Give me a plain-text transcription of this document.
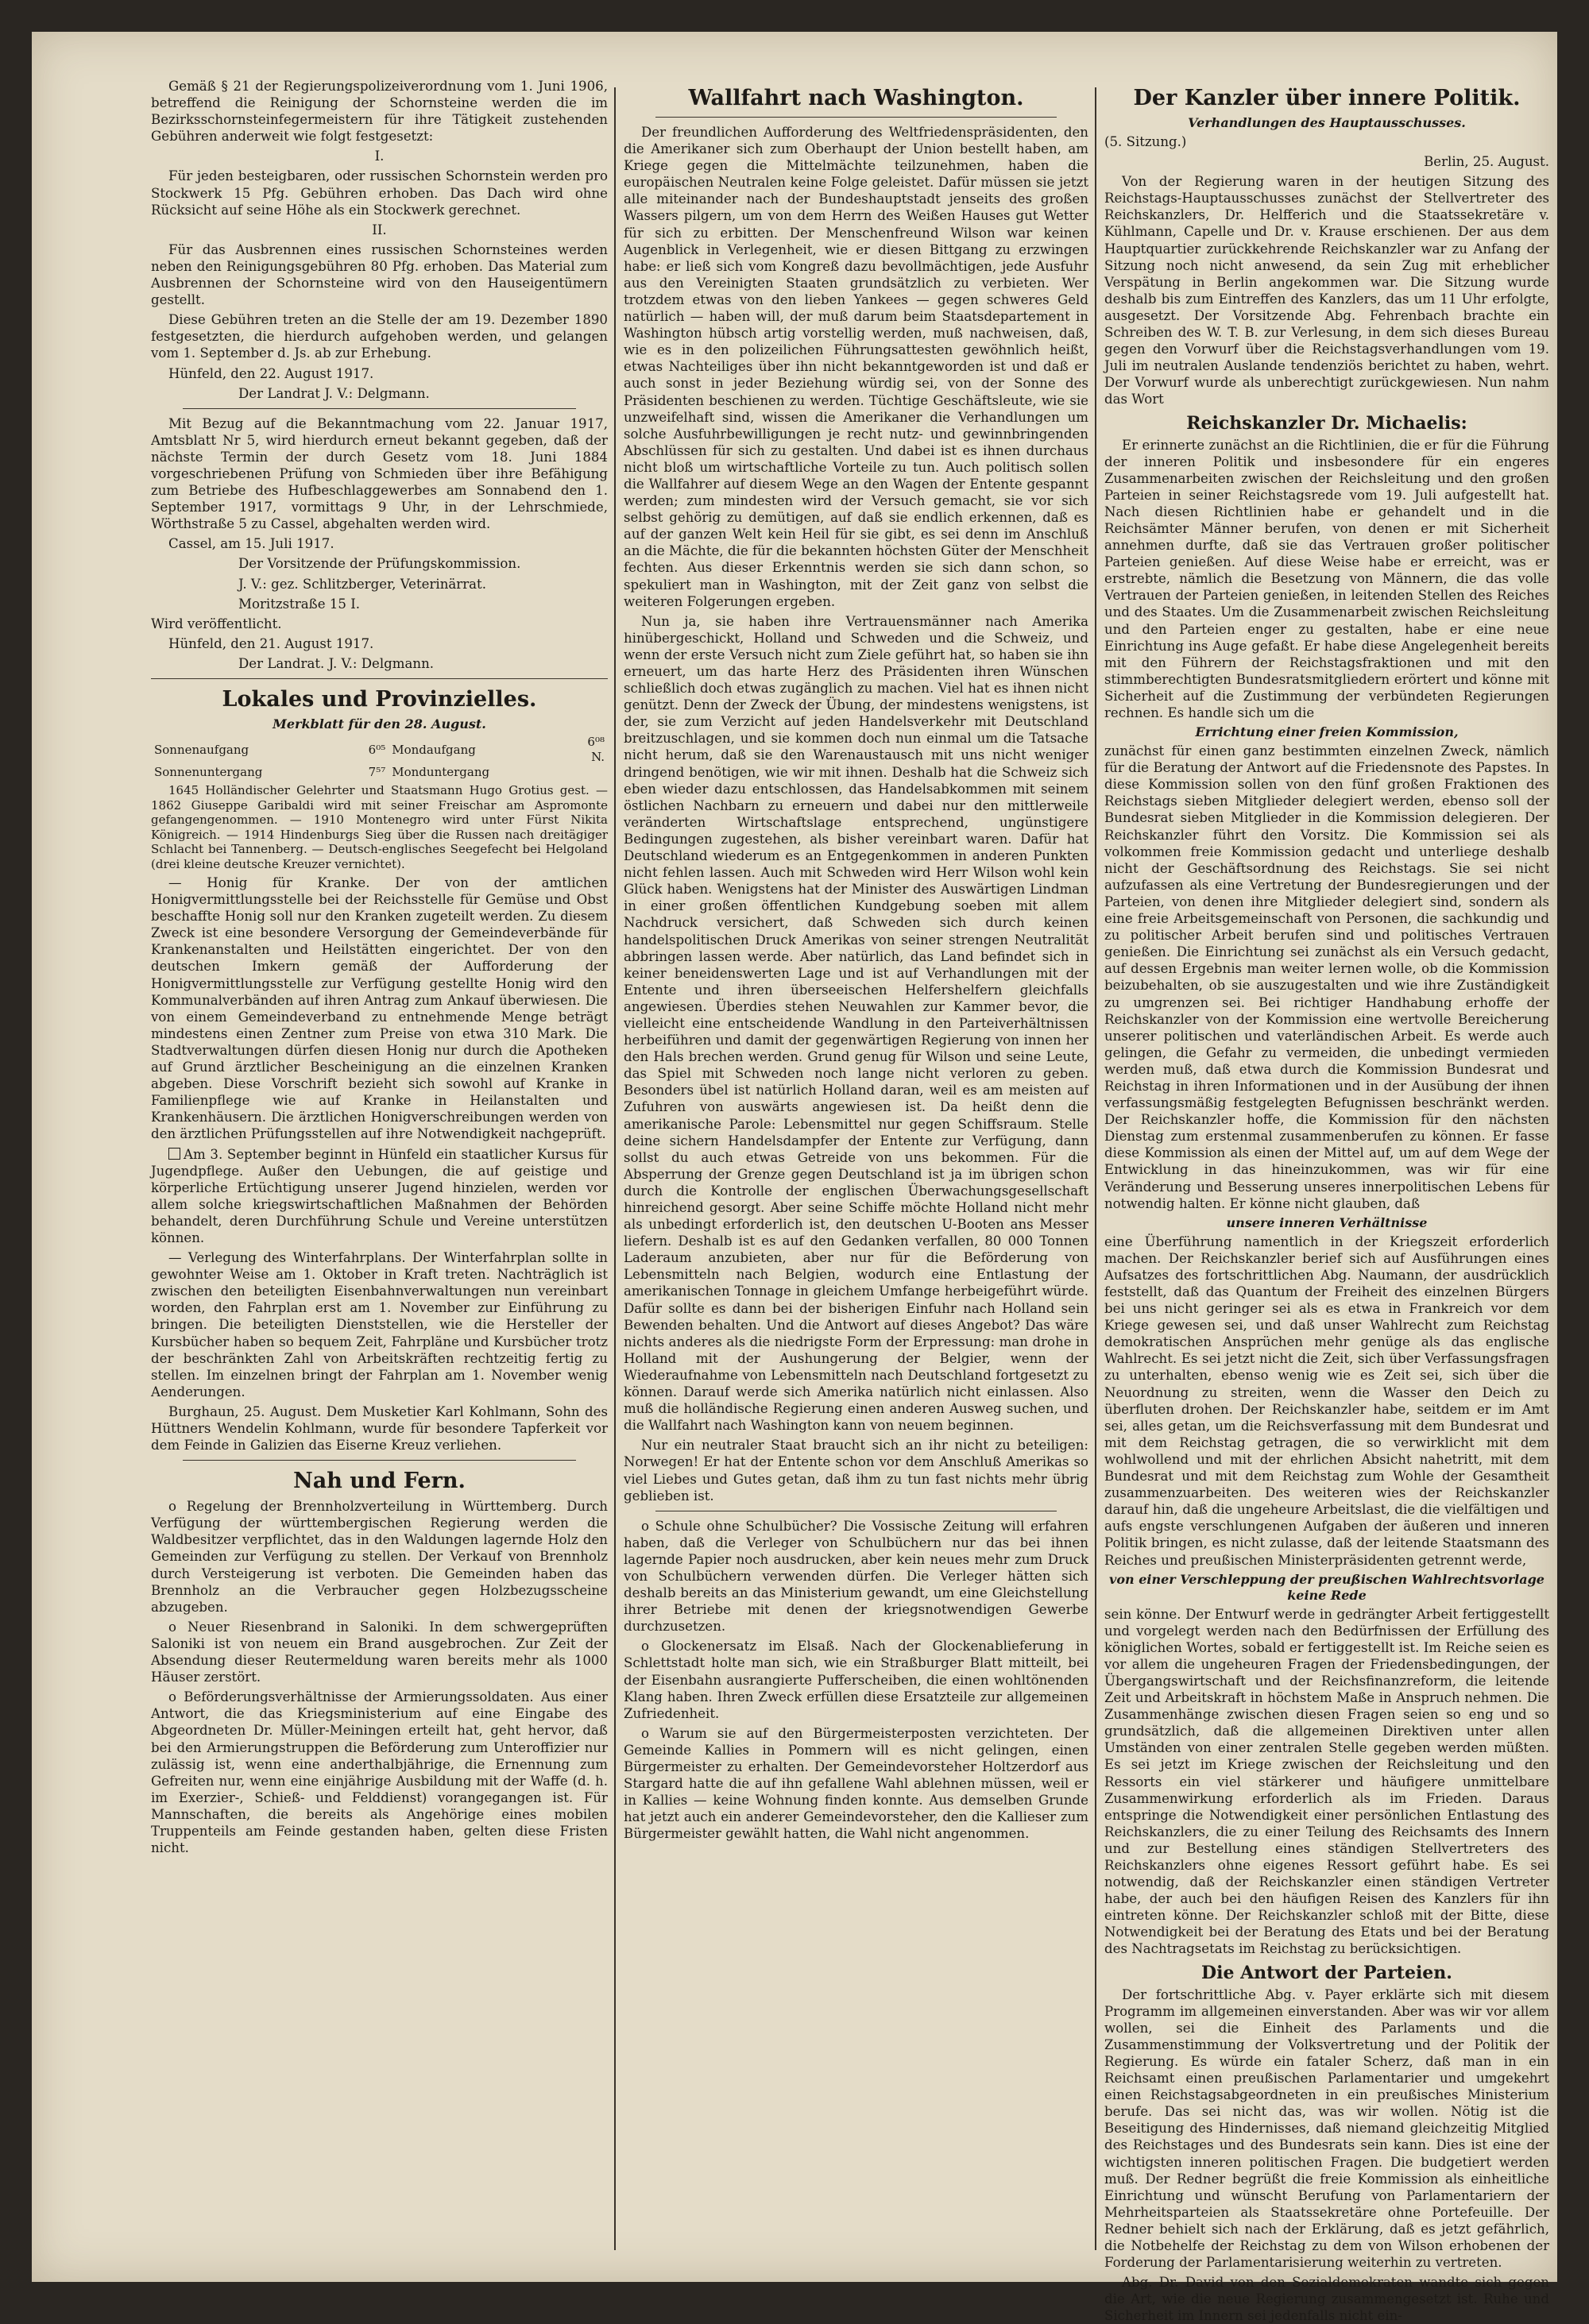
Gemäß § 21 der Regierungspolizeiverordnung vom 1. Juni 1906, betreffend die Reinigung der Schornsteine werden die im Bezirksschornsteinfegermeistern für ihre Tätigkeit zustehenden Gebühren anderweit wie folgt festgesetzt:

I.

Für jeden besteigbaren, oder russischen Schornstein werden pro Stockwerk 15 Pfg. Gebühren erhoben. Das Dach wird ohne Rücksicht auf seine Höhe als ein Stockwerk gerechnet.

II.

Für das Ausbrennen eines russischen Schornsteines werden neben den Reinigungsgebühren 80 Pfg. erhoben. Das Material zum Ausbrennen der Schornsteine wird von den Hauseigentümern gestellt.

Diese Gebühren treten an die Stelle der am 19. Dezember 1890 festgesetzten, die hierdurch aufgehoben werden, und gelangen vom 1. September d. Js. ab zur Erhebung.

Hünfeld, den 22. August 1917.

Der Landrat J. V.: Delgmann.

Mit Bezug auf die Bekanntmachung vom 22. Januar 1917, Amtsblatt Nr 5, wird hierdurch erneut bekannt gegeben, daß der nächste Termin der durch Gesetz vom 18. Juni 1884 vorgeschriebenen Prüfung von Schmieden über ihre Befähigung zum Betriebe des Hufbeschlaggewerbes am Sonnabend den 1. September 1917, vormittags 9 Uhr, in der Lehrschmiede, Wörthstraße 5 zu Cassel, abgehalten werden wird.

Cassel, am 15. Juli 1917.

Der Vorsitzende der Prüfungskommission.

J. V.: gez. Schlitzberger, Veterinärrat.

Moritzstraße 15 I.

Wird veröffentlicht.

Hünfeld, den 21. August 1917.

Der Landrat. J. V.: Delgmann.

Lokales und Provinzielles.
Merkblatt für den 28. August.
Sonnenaufgang	6⁰⁵	Mondaufgang	6⁰⁸ N.
Sonnenuntergang	7⁵⁷	Monduntergang	

1645 Holländischer Gelehrter und Staatsmann Hugo Grotius gest. — 1862 Giuseppe Garibaldi wird mit seiner Freischar am Aspromonte gefangengenommen. — 1910 Montenegro wird unter Fürst Nikita Königreich. — 1914 Hindenburgs Sieg über die Russen nach dreitägiger Schlacht bei Tannenberg. — Deutsch-englisches Seegefecht bei Helgoland (drei kleine deutsche Kreuzer vernichtet).

— Honig für Kranke. Der von der amtlichen Honigvermittlungsstelle bei der Reichsstelle für Gemüse und Obst beschaffte Honig soll nur den Kranken zugeteilt werden. Zu diesem Zweck ist eine besondere Versorgung der Gemeindeverbände für Krankenanstalten und Heilstätten eingerichtet. Der von den deutschen Imkern gemäß der Aufforderung der Honigvermittlungsstelle zur Verfügung gestellte Honig wird den Kommunalverbänden auf ihren Antrag zum Ankauf überwiesen. Die von einem Gemeindeverband zu entnehmende Menge beträgt mindestens einen Zentner zum Preise von etwa 310 Mark. Die Stadtverwaltungen dürfen diesen Honig nur durch die Apotheken auf Grund ärztlicher Bescheinigung an die einzelnen Kranken abgeben. Diese Vorschrift bezieht sich sowohl auf Kranke in Familienpflege wie auf Kranke in Heilanstalten und Krankenhäusern. Die ärztlichen Honigverschreibungen werden von den ärztlichen Prüfungsstellen auf ihre Notwendigkeit nachgeprüft.

Am 3. September beginnt in Hünfeld ein staatlicher Kursus für Jugendpflege. Außer den Uebungen, die auf geistige und körperliche Ertüchtigung unserer Jugend hinzielen, werden vor allem solche kriegswirtschaftlichen Maßnahmen der Behörden behandelt, deren Durchführung Schule und Vereine unterstützen können.

— Verlegung des Winterfahrplans. Der Winterfahrplan sollte in gewohnter Weise am 1. Oktober in Kraft treten. Nachträglich ist zwischen den beteiligten Eisenbahnverwaltungen nun vereinbart worden, den Fahrplan erst am 1. November zur Einführung zu bringen. Die beteiligten Dienststellen, wie die Hersteller der Kursbücher haben so bequem Zeit, Fahrpläne und Kursbücher trotz der beschränkten Zahl von Arbeitskräften rechtzeitig fertig zu stellen. Im einzelnen bringt der Fahrplan am 1. November wenig Aenderungen.

Burghaun, 25. August. Dem Musketier Karl Kohlmann, Sohn des Hüttners Wendelin Kohlmann, wurde für besondere Tapferkeit vor dem Feinde in Galizien das Eiserne Kreuz verliehen.

Nah und Fern.

o Regelung der Brennholzverteilung in Württemberg. Durch Verfügung der württembergischen Regierung werden die Waldbesitzer verpflichtet, das in den Waldungen lagernde Holz den Gemeinden zur Verfügung zu stellen. Der Verkauf von Brennholz durch Versteigerung ist verboten. Die Gemeinden haben das Brennholz an die Verbraucher gegen Holzbezugsscheine abzugeben.

o Neuer Riesenbrand in Saloniki. In dem schwergeprüften Saloniki ist von neuem ein Brand ausgebrochen. Zur Zeit der Absendung dieser Reutermeldung waren bereits mehr als 1000 Häuser zerstört.

o Beförderungsverhältnisse der Armierungssoldaten. Aus einer Antwort, die das Kriegsministerium auf eine Eingabe des Abgeordneten Dr. Müller-Meiningen erteilt hat, geht hervor, daß bei den Armierungstruppen die Beförderung zum Unteroffizier nur zulässig ist, wenn eine anderthalbjährige, die Ernennung zum Gefreiten nur, wenn eine einjährige Ausbildung mit der Waffe (d. h. im Exerzier-, Schieß- und Felddienst) vorangegangen ist. Für Mannschaften, die bereits als Angehörige eines mobilen Truppenteils am Feinde gestanden haben, gelten diese Fristen nicht.

Wallfahrt nach Washington.

Der freundlichen Aufforderung des Weltfriedenspräsidenten, den die Amerikaner sich zum Oberhaupt der Union bestellt haben, am Kriege gegen die Mittelmächte teilzunehmen, haben die europäischen Neutralen keine Folge geleistet. Dafür müssen sie jetzt alle miteinander nach der Bundeshauptstadt jenseits des großen Wassers pilgern, um von dem Herrn des Weißen Hauses gut Wetter für sich zu erbitten. Der Menschenfreund Wilson war keinen Augenblick in Verlegenheit, wie er diesen Bittgang zu erzwingen habe: er ließ sich vom Kongreß dazu bevollmächtigen, jede Ausfuhr aus den Vereinigten Staaten grundsätzlich zu verbieten. Wer trotzdem etwas von den lieben Yankees — gegen schweres Geld natürlich — haben will, der muß darum beim Staatsdepartement in Washington hübsch artig vorstellig werden, muß nachweisen, daß, wie es in den polizeilichen Führungsattesten gewöhnlich heißt, etwas Nachteiliges über ihn nicht bekanntgeworden ist und daß er auch sonst in jeder Beziehung würdig sei, von der Sonne des Präsidenten beschienen zu werden. Tüchtige Geschäftsleute, wie sie unzweifelhaft sind, wissen die Amerikaner die Verhandlungen um solche Ausfuhrbewilligungen je recht nutz- und gewinnbringenden Abschlüssen für sich zu gestalten. Und dabei ist es ihnen durchaus nicht bloß um wirtschaftliche Vorteile zu tun. Auch politisch sollen die Wallfahrer auf diesem Wege an den Wagen der Entente gespannt werden; zum mindesten wird der Versuch gemacht, sie vor sich selbst gehörig zu demütigen, auf daß sie endlich erkennen, daß es auf der ganzen Welt kein Heil für sie gibt, es sei denn im Anschluß an die Mächte, die für die bekannten höchsten Güter der Menschheit fechten. Aus dieser Erkenntnis werden sie sich dann schon, so spekuliert man in Washington, mit der Zeit ganz von selbst die weiteren Folgerungen ergeben.

Nun ja, sie haben ihre Vertrauensmänner nach Amerika hinübergeschickt, Holland und Schweden und die Schweiz, und wenn der erste Versuch nicht zum Ziele geführt hat, so haben sie ihn erneuert, um das harte Herz des Präsidenten ihren Wünschen schließlich doch etwas zugänglich zu machen. Viel hat es ihnen nicht genützt. Denn der Zweck der Übung, der mindestens wenigstens, ist der, sie zum Verzicht auf jeden Handelsverkehr mit Deutschland breitzuschlagen, und sie kommen doch nun einmal um die Tatsache nicht herum, daß sie den Warenaustausch mit uns nicht weniger dringend benötigen, wie wir mit ihnen. Deshalb hat die Schweiz sich eben wieder dazu entschlossen, das Handelsabkommen mit seinem östlichen Nachbarn zu erneuern und dabei nur den mittlerweile veränderten Wirtschaftslage entsprechend, ungünstigere Bedingungen zugestehen, als bisher vereinbart waren. Dafür hat Deutschland wiederum es an Entgegenkommen in anderen Punkten nicht fehlen lassen. Auch mit Schweden wird Herr Wilson wohl kein Glück haben. Wenigstens hat der Minister des Auswärtigen Lindman in einer großen öffentlichen Kundgebung soeben mit allem Nachdruck versichert, daß Schweden sich durch keinen handelspolitischen Druck Amerikas von seiner strengen Neutralität abbringen lassen werde. Aber natürlich, das Land befindet sich in keiner beneidenswerten Lage und ist auf Verhandlungen mit der Entente und ihren überseeischen Helfershelfern gleichfalls angewiesen. Überdies stehen Neuwahlen zur Kammer bevor, die vielleicht eine entscheidende Wandlung in den Parteiverhältnissen herbeiführen und damit der gegenwärtigen Regierung von innen her den Hals brechen werden. Grund genug für Wilson und seine Leute, das Spiel mit Schweden noch lange nicht verloren zu geben. Besonders übel ist natürlich Holland daran, weil es am meisten auf Zufuhren von auswärts angewiesen ist. Da heißt denn die amerikanische Parole: Lebensmittel nur gegen Schiffsraum. Stelle deine sichern Handelsdampfer der Entente zur Verfügung, dann sollst du auch etwas Getreide von uns bekommen. Für die Absperrung der Grenze gegen Deutschland ist ja im übrigen schon durch die Kontrolle der englischen Überwachungsgesellschaft hinreichend gesorgt. Aber seine Schiffe möchte Holland nicht mehr als unbedingt erforderlich ist, den deutschen U-Booten ans Messer liefern. Deshalb ist es auf den Gedanken verfallen, 80 000 Tonnen Laderaum anzubieten, aber nur für die Beförderung von Lebensmitteln nach Belgien, wodurch eine Entlastung der amerikanischen Tonnage in gleichem Umfange herbeigeführt würde. Dafür sollte es dann bei der bisherigen Einfuhr nach Holland sein Bewenden behalten. Und die Antwort auf dieses Angebot? Das wäre nichts anderes als die niedrigste Form der Erpressung: man drohe in Holland mit der Aushungerung der Belgier, wenn der Wiederaufnahme von Lebensmitteln nach Deutschland fortgesetzt zu können. Darauf werde sich Amerika natürlich nicht einlassen. Also muß die holländische Regierung einen anderen Ausweg suchen, und die Wallfahrt nach Washington kann von neuem beginnen.

Nur ein neutraler Staat braucht sich an ihr nicht zu beteiligen: Norwegen! Er hat der Entente schon vor dem Anschluß Amerikas so viel Liebes und Gutes getan, daß ihm zu tun fast nichts mehr übrig geblieben ist.

o Schule ohne Schulbücher? Die Vossische Zeitung will erfahren haben, daß die Verleger von Schulbüchern nur das bei ihnen lagernde Papier noch ausdrucken, aber kein neues mehr zum Druck von Schulbüchern verwenden dürfen. Die Verleger hätten sich deshalb bereits an das Ministerium gewandt, um eine Gleichstellung ihrer Betriebe mit denen der kriegsnotwendigen Gewerbe durchzusetzen.

o Glockenersatz im Elsaß. Nach der Glockenablieferung in Schlettstadt holte man sich, wie ein Straßburger Blatt mitteilt, bei der Eisenbahn ausrangierte Pufferscheiben, die einen wohltönenden Klang haben. Ihren Zweck erfüllen diese Ersatzteile zur allgemeinen Zufriedenheit.

o Warum sie auf den Bürgermeisterposten verzichteten. Der Gemeinde Kallies in Pommern will es nicht gelingen, einen Bürgermeister zu erhalten. Der Gemeindevorsteher Holtzerdorf aus Stargard hatte die auf ihn gefallene Wahl ablehnen müssen, weil er in Kallies — keine Wohnung finden konnte. Aus demselben Grunde hat jetzt auch ein anderer Gemeindevorsteher, den die Kallieser zum Bürgermeister gewählt hatten, die Wahl nicht angenommen.

Der Kanzler über innere Politik.
Verhandlungen des Hauptausschusses.

(5. Sitzung.)

Berlin, 25. August.

Von der Regierung waren in der heutigen Sitzung des Reichstags-Hauptausschusses zunächst der Stellvertreter des Reichskanzlers, Dr. Helfferich und die Staatssekretäre v. Kühlmann, Capelle und Dr. v. Krause erschienen. Der aus dem Hauptquartier zurückkehrende Reichskanzler war zu Anfang der Sitzung noch nicht anwesend, da sein Zug mit erheblicher Verspätung in Berlin angekommen war. Die Sitzung wurde deshalb bis zum Eintreffen des Kanzlers, das um 11 Uhr erfolgte, ausgesetzt. Der Vorsitzende Abg. Fehrenbach brachte ein Schreiben des W. T. B. zur Verlesung, in dem sich dieses Bureau gegen den Vorwurf über die Reichstagsverhandlungen vom 19. Juli im neutralen Auslande tendenziös berichtet zu haben, wehrt. Der Vorwurf wurde als unberechtigt zurückgewiesen. Nun nahm das Wort

Reichskanzler Dr. Michaelis:

Er erinnerte zunächst an die Richtlinien, die er für die Führung der inneren Politik und insbesondere für ein engeres Zusammenarbeiten zwischen der Reichsleitung und den großen Parteien in seiner Reichstagsrede vom 19. Juli aufgestellt hat. Nach diesen Richtlinien habe er gehandelt und in die Reichsämter Männer berufen, von denen er mit Sicherheit annehmen durfte, daß sie das Vertrauen großer politischer Parteien genießen. Auf diese Weise habe er erreicht, was er erstrebte, nämlich die Besetzung von Männern, die das volle Vertrauen der Parteien genießen, in leitenden Stellen des Reiches und des Staates. Um die Zusammenarbeit zwischen Reichsleitung und den Parteien enger zu gestalten, habe er eine neue Einrichtung ins Auge gefaßt. Er habe diese Angelegenheit bereits mit den Führern der Reichstagsfraktionen und mit den stimmberechtigten Bundesratsmitgliedern erörtert und könne mit Sicherheit auf die Zustimmung der verbündeten Regierungen rechnen. Es handle sich um die

Errichtung einer freien Kommission,

zunächst für einen ganz bestimmten einzelnen Zweck, nämlich für die Beratung der Antwort auf die Friedensnote des Papstes. In diese Kommission sollen von den fünf großen Fraktionen des Reichstags sieben Mitglieder delegiert werden, ebenso soll der Bundesrat sieben Mitglieder in die Kommission delegieren. Der Reichskanzler führt den Vorsitz. Die Kommission sei als volkommen freie Kommission gedacht und unterliege deshalb nicht der Geschäftsordnung des Reichstags. Sie sei nicht aufzufassen als eine Vertretung der Bundesregierungen und der Parteien, von denen ihre Mitglieder delegiert sind, sondern als eine freie Arbeitsgemeinschaft von Personen, die sachkundig und zu politischer Arbeit berufen sind und politisches Vertrauen genießen. Die Einrichtung sei zunächst als ein Versuch gedacht, auf dessen Ergebnis man weiter lernen wolle, ob die Kommission beizubehalten, ob sie auszugestalten und wie ihre Zuständigkeit zu umgrenzen sei. Bei richtiger Handhabung erhoffe der Reichskanzler von der Kommission eine wertvolle Bereicherung unserer politischen und vaterländischen Arbeit. Es werde auch gelingen, die Gefahr zu vermeiden, die unbedingt vermieden werden muß, daß etwa durch die Kommission Bundesrat und Reichstag in ihren Informationen und in der Ausübung der ihnen verfassungsmäßig festgelegten Befugnissen beschränkt werden. Der Reichskanzler hoffe, die Kommission für den nächsten Dienstag zum erstenmal zusammenberufen zu können. Er fasse diese Kommission als einen der Mittel auf, um auf dem Wege der Entwicklung in das hineinzukommen, was wir für eine Veränderung und Besserung unseres innerpolitischen Lebens für notwendig halten. Er könne nicht glauben, daß

unsere inneren Verhältnisse

eine Überführung namentlich in der Kriegszeit erforderlich machen. Der Reichskanzler berief sich auf Ausführungen eines Aufsatzes des fortschrittlichen Abg. Naumann, der ausdrücklich feststellt, daß das Quantum der Freiheit des einzelnen Bürgers bei uns nicht geringer sei als es etwa in Frankreich vor dem Kriege gewesen sei, und daß unser Wahlrecht zum Reichstag demokratischen Ansprüchen mehr genüge als das englische Wahlrecht. Es sei jetzt nicht die Zeit, sich über Verfassungsfragen zu unterhalten, ebenso wenig wie es Zeit sei, sich über die Neuordnung zu streiten, wenn die Wasser den Deich zu überfluten drohen. Der Reichskanzler habe, seitdem er im Amt sei, alles getan, um die Reichsverfassung mit dem Bundesrat und mit dem Reichstag getragen, die so verwirklicht mit dem wohlwollend und mit der ehrlichen Absicht nahetritt, mit dem Bundesrat und mit dem Reichstag zum Wohle der Gesamtheit zusammenzuarbeiten. Des weiteren wies der Reichskanzler darauf hin, daß die ungeheure Arbeitslast, die die vielfältigen und aufs engste verschlungenen Aufgaben der äußeren und inneren Politik bringen, es nicht zulasse, daß der leitende Staatsmann des Reiches und preußischen Ministerpräsidenten getrennt werde,

von einer Verschleppung der preußischen Wahlrechtsvorlage keine Rede

sein könne. Der Entwurf werde in gedrängter Arbeit fertiggestellt und vorgelegt werden nach den Bedürfnissen der Erfüllung des königlichen Wortes, sobald er fertiggestellt ist. Im Reiche seien es vor allem die ungeheuren Fragen der Friedensbedingungen, der Übergangswirtschaft und der Reichsfinanzreform, die leitende Zeit und Arbeitskraft in höchstem Maße in Anspruch nehmen. Die Zusammenhänge zwischen diesen Fragen seien so eng und so grundsätzlich, daß die allgemeinen Direktiven unter allen Umständen von einer zentralen Stelle gegeben werden müßten. Es sei jetzt im Kriege zwischen der Reichsleitung und den Ressorts ein viel stärkerer und häufigere unmittelbare Zusammenwirkung erforderlich als im Frieden. Daraus entspringe die Notwendigkeit einer persönlichen Entlastung des Reichskanzlers, die zu einer Teilung des Reichsamts des Innern und zur Bestellung eines ständigen Stellvertreters des Reichskanzlers ohne eigenes Ressort geführt habe. Es sei notwendig, daß der Reichskanzler einen ständigen Vertreter habe, der auch bei den häufigen Reisen des Kanzlers für ihn eintreten könne. Der Reichskanzler schloß mit der Bitte, diese Notwendigkeit bei der Beratung des Etats und bei der Beratung des Nachtragsetats im Reichstag zu berücksichtigen.

Die Antwort der Parteien.

Der fortschrittliche Abg. v. Payer erklärte sich mit diesem Programm im allgemeinen einverstanden. Aber was wir vor allem wollen, sei die Einheit des Parlaments und die Zusammenstimmung der Volksvertretung und der Politik der Regierung. Es würde ein fataler Scherz, daß man in ein Reichsamt einen preußischen Parlamentarier und umgekehrt einen Reichstagsabgeordneten in ein preußisches Ministerium berufe. Das sei nicht das, was wir wollen. Nötig ist die Beseitigung des Hindernisses, daß niemand gleichzeitig Mitglied des Reichstages und des Bundesrats sein kann. Dies ist eine der wichtigsten inneren politischen Fragen. Die budgetiert werden muß. Der Redner begrüßt die freie Kommission als einheitliche Einrichtung und wünscht Berufung von Parlamentariern der Mehrheitsparteien als Staatssekretäre ohne Portefeuille. Der Redner behielt sich nach der Erklärung, daß es jetzt gefährlich, die Notbehelfe der Reichstag zu dem von Wilson erhobenen der Forderung der Parlamentarisierung weiterhin zu vertreten.

Abg. Dr. David von den Sozialdemokraten wandte sich gegen die Art, wie die neue Regierung zusammengesetzt ist. Ruhe und Sicherheit im Innern sei jedenfalls nicht ein-
